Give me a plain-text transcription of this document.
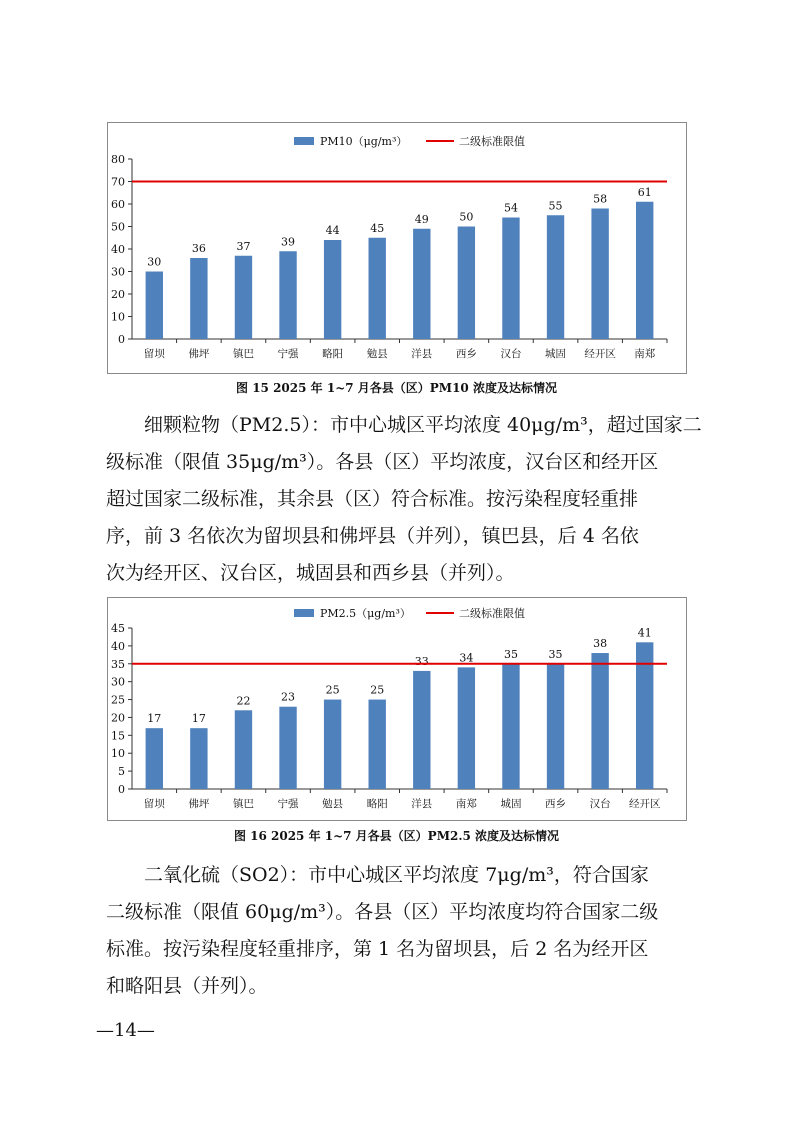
PM10（μg/m³）	二级标准限值
0
10
20
30
40
50
60
70
80
30
留坝
36
佛坪
37
镇巴
39
宁强
44
略阳
45
勉县
49
洋县
50
西乡
54
汉台
55
城固
58
经开区
61
南郑
图 15 2025 年 1~7 月各县（区）PM10 浓度及达标情况
　　细颗粒物（PM2.5）：市中心城区平均浓度 40μg/m³，超过国家二
级标准（限值 35μg/m³）。各县（区）平均浓度，汉台区和经开区
超过国家二级标准，其余县（区）符合标准。按污染程度轻重排
序，前 3 名依次为留坝县和佛坪县（并列），镇巴县，后 4 名依
次为经开区、汉台区，城固县和西乡县（并列）。
PM2.5（μg/m³）	二级标准限值
0
5
10
15
20
25
30
35
40
45
17
留坝
17
佛坪
22
镇巴
23
宁强
25
勉县
25
略阳
33
洋县
34
南郑
35
城固
35
西乡
38
汉台
41
经开区
图 16 2025 年 1~7 月各县（区）PM2.5 浓度及达标情况
　　二氧化硫（SO2）：市中心城区平均浓度 7μg/m³，符合国家
二级标准（限值 60μg/m³）。各县（区）平均浓度均符合国家二级
标准。按污染程度轻重排序，第 1 名为留坝县，后 2 名为经开区
和略阳县（并列）。
—14—
